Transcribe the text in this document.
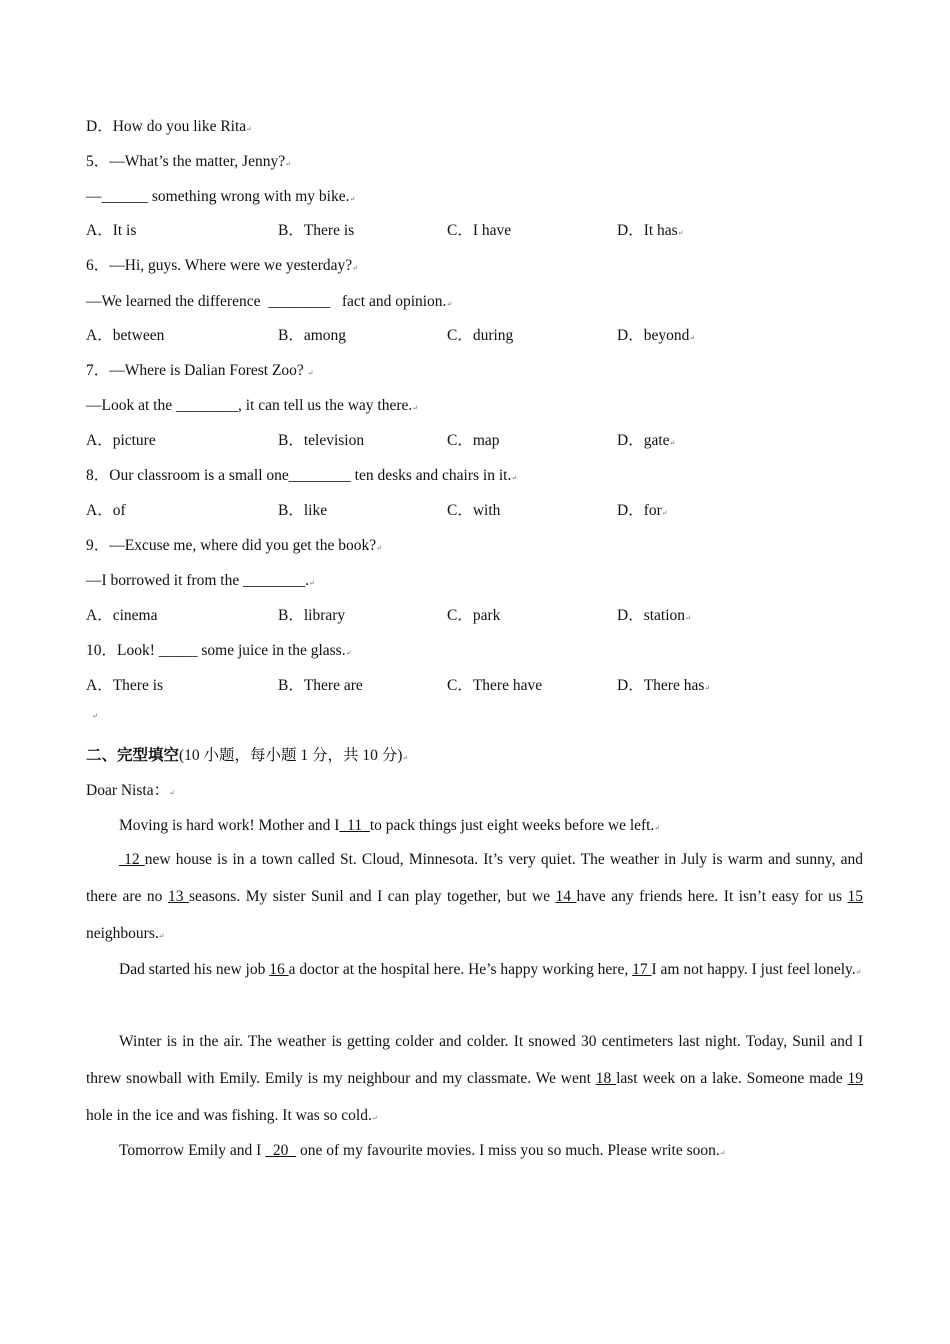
D．How do you like Rita↵
5．—What’s the matter, Jenny?↵
—______ something wrong with my bike.↵
A．It is	B．There is	C．I have	D．It has↵
6．—Hi, guys. Where were we yesterday?↵
—We learned the difference  ________   fact and opinion.↵
A．between	B．among	C．during	D．beyond↵
7．—Where is Dalian Forest Zoo? ↵
—Look at the ________, it can tell us the way there.↵
A．picture	B．television	C．map	D．gate↵
8．Our classroom is a small one________ ten desks and chairs in it.↵
A．of	B．like	C．with	D．for↵
9．—Excuse me, where did you get the book?↵
—I borrowed it from the ________.↵
A．cinema	B．library	C．park	D．station↵
10．Look! _____ some juice in the glass.↵
A．There is	B．There are	C．There have	D．There has↵
↵
二、完型填空(10 小题，每小题 1 分，共 10 分)↵
Doar Nista：↵
Moving is hard work! Mother and I  11  to pack things just eight weeks before we left.↵
12 new house is in a town called St. Cloud, Minnesota. It’s very quiet. The weather in July is warm and sunny, and there are no 13 seasons. My sister Sunil and I can play together, but we 14 have any friends here. It isn’t easy for us 15 neighbours.↵
Dad started his new job 16 a doctor at the hospital here. He’s happy working here, 17 I am not happy. I just feel lonely.↵
Winter is in the air. The weather is getting colder and colder. It snowed 30 centimeters last night. Today, Sunil and I threw snowball with Emily. Emily is my neighbour and my classmate. We went 18 last week on a lake. Someone made 19 hole in the ice and was fishing. It was so cold.↵
Tomorrow Emily and I   20   one of my favourite movies. I miss you so much. Please write soon.↵
